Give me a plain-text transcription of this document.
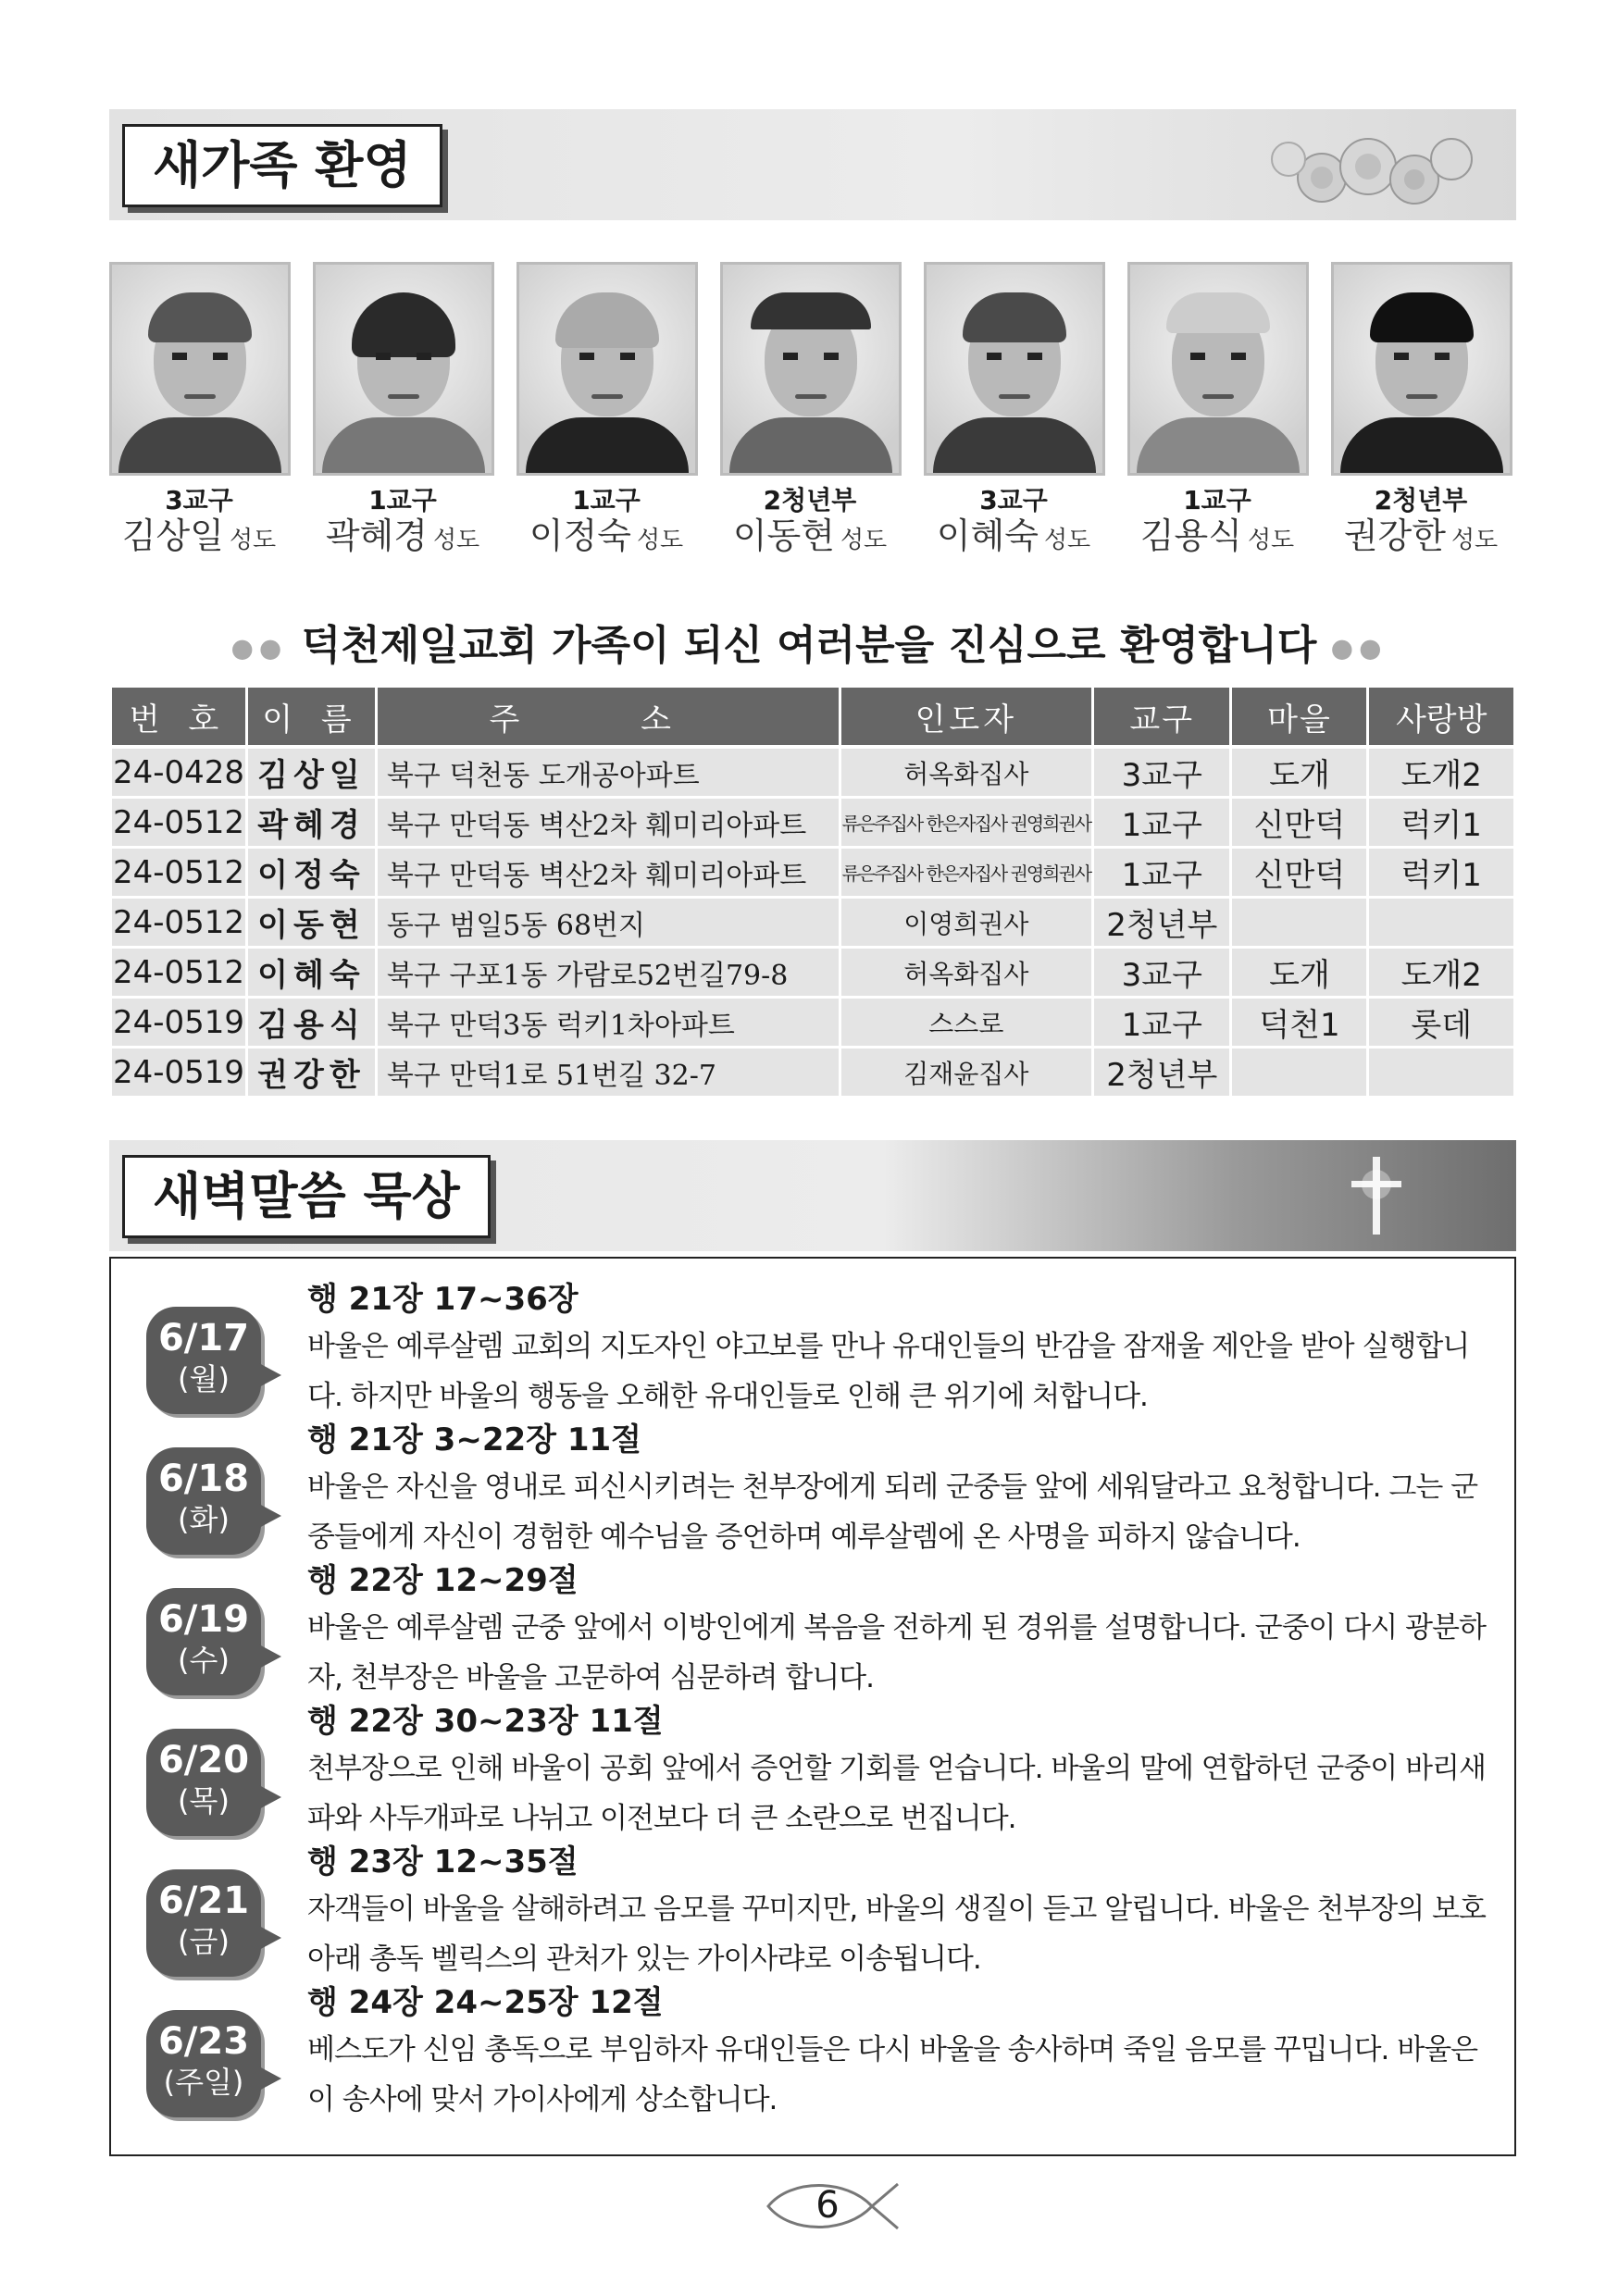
새가족 환영
3교구
김상일 성도
1교구
곽혜경 성도
1교구
이정숙 성도
2청년부
이동현 성도
3교구
이혜숙 성도
1교구
김용식 성도
2청년부
권강한 성도
●● 덕천제일교회 가족이 되신 여러분을 진심으로 환영합니다 ●●
번 호	이 름	주 소	인도자	교구	마을	사랑방
24-0428	김상일	북구 덕천동 도개공아파트	허옥화집사	3교구	도개	도개2
24-0512	곽혜경	북구 만덕동 벽산2차 훼미리아파트	류은주집사 한은자집사 권영희권사	1교구	신만덕	럭키1
24-0512	이정숙	북구 만덕동 벽산2차 훼미리아파트	류은주집사 한은자집사 권영희권사	1교구	신만덕	럭키1
24-0512	이동현	동구 범일5동 68번지	이영희권사	2청년부		
24-0512	이혜숙	북구 구포1동 가람로52번길79-8	허옥화집사	3교구	도개	도개2
24-0519	김용식	북구 만덕3동 럭키1차아파트	스스로	1교구	덕천1	롯데
24-0519	권강한	북구 만덕1로 51번길 32-7	김재윤집사	2청년부		
새벽말씀 묵상
6/17
(월)
행 21장 17~36장
바울은 예루살렘 교회의 지도자인 야고보를 만나 유대인들의 반감을 잠재울 제안을 받아 실행합니다. 하지만 바울의 행동을 오해한 유대인들로 인해 큰 위기에 처합니다.
6/18
(화)
행 21장 3~22장 11절
바울은 자신을 영내로 피신시키려는 천부장에게 되레 군중들 앞에 세워달라고 요청합니다. 그는 군중들에게 자신이 경험한 예수님을 증언하며 예루살렘에 온 사명을 피하지 않습니다.
6/19
(수)
행 22장 12~29절
바울은 예루살렘 군중 앞에서 이방인에게 복음을 전하게 된 경위를 설명합니다. 군중이 다시 광분하자, 천부장은 바울을 고문하여 심문하려 합니다.
6/20
(목)
행 22장 30~23장 11절
천부장으로 인해 바울이 공회 앞에서 증언할 기회를 얻습니다. 바울의 말에 연합하던 군중이 바리새파와 사두개파로 나뉘고 이전보다 더 큰 소란으로 번집니다.
6/21
(금)
행 23장 12~35절
자객들이 바울을 살해하려고 음모를 꾸미지만, 바울의 생질이 듣고 알립니다. 바울은 천부장의 보호 아래 총독 벨릭스의 관처가 있는 가이사랴로 이송됩니다.
6/23
(주일)
행 24장 24~25장 12절
베스도가 신임 총독으로 부임하자 유대인들은 다시 바울을 송사하며 죽일 음모를 꾸밉니다. 바울은 이 송사에 맞서 가이사에게 상소합니다.
6
